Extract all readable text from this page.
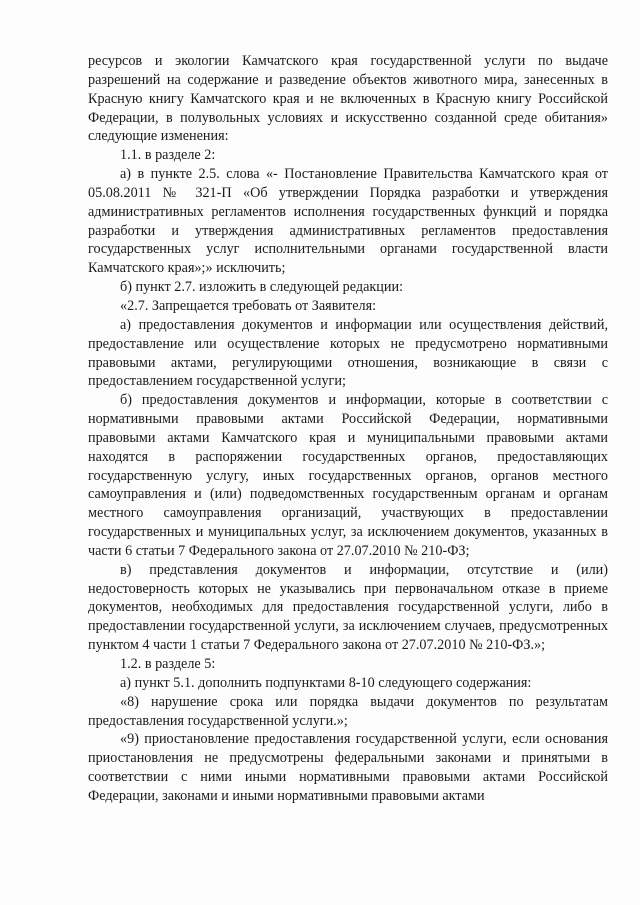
ресурсов и экологии Камчатского края государственной услуги по выдаче разрешений на содержание и разведение объектов животного мира, занесенных в Красную книгу Камчатского края и не включенных в Красную книгу Российской Федерации, в полувольных условиях и искусственно созданной среде обитания» следующие изменения:

1.1. в разделе 2:

а) в пункте 2.5. слова «- Постановление Правительства Камчатского края от 05.08.2011 № 321-П «Об утверждении Порядка разработки и утверждения административных регламентов исполнения государственных функций и порядка разработки и утверждения административных регламентов предоставления государственных услуг исполнительными органами государственной власти Камчатского края»;» исключить;

б) пункт 2.7. изложить в следующей редакции:

«2.7. Запрещается требовать от Заявителя:

а) предоставления документов и информации или осуществления действий, предоставление или осуществление которых не предусмотрено нормативными правовыми актами, регулирующими отношения, возникающие в связи с предоставлением государственной услуги;

б) предоставления документов и информации, которые в соответствии с нормативными правовыми актами Российской Федерации, нормативными правовыми актами Камчатского края и муниципальными правовыми актами находятся в распоряжении государственных органов, предоставляющих государственную услугу, иных государственных органов, органов местного самоуправления и (или) подведомственных государственным органам и органам местного самоуправления организаций, участвующих в предоставлении государственных и муниципальных услуг, за исключением документов, указанных в части 6 статьи 7 Федерального закона от 27.07.2010 № 210-ФЗ;

в) представления документов и информации, отсутствие и (или) недостоверность которых не указывались при первоначальном отказе в приеме документов, необходимых для предоставления государственной услуги, либо в предоставлении государственной услуги, за исключением случаев, предусмотренных пунктом 4 части 1 статьи 7 Федерального закона от 27.07.2010 № 210-ФЗ.»;

1.2. в разделе 5:

а) пункт 5.1. дополнить подпунктами 8-10 следующего содержания:

«8) нарушение срока или порядка выдачи документов по результатам предоставления государственной услуги.»;

«9) приостановление предоставления государственной услуги, если основания приостановления не предусмотрены федеральными законами и принятыми в соответствии с ними иными нормативными правовыми актами Российской Федерации, законами и иными нормативными правовыми актами
